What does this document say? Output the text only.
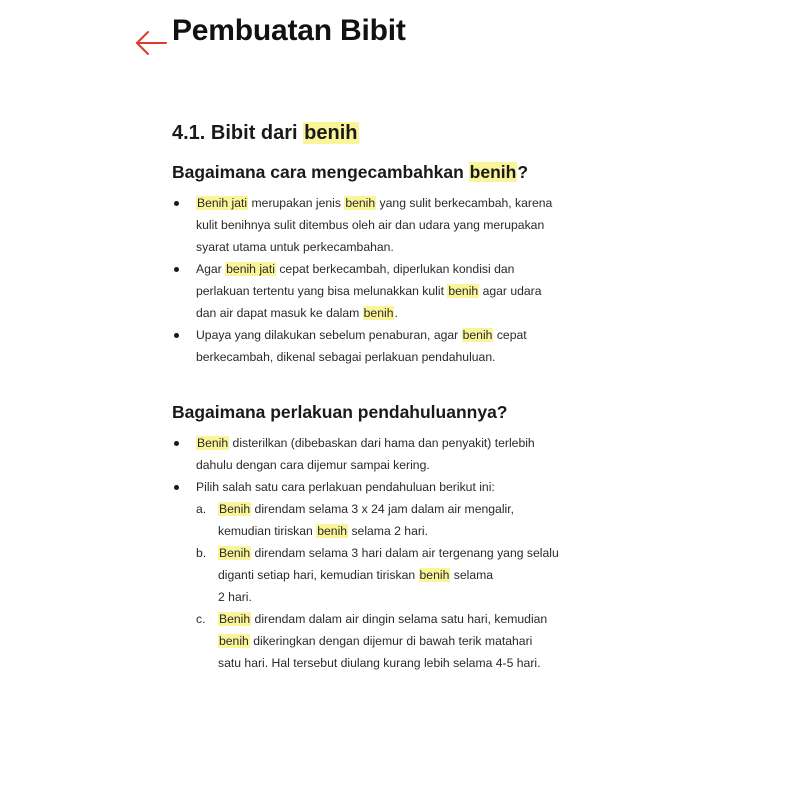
Pembuatan Bibit
4.1. Bibit dari benih
Bagaimana cara mengecambahkan benih?
Benih jati merupakan jenis benih yang sulit berkecambah, karena
kulit benihnya sulit ditembus oleh air dan udara yang merupakan
syarat utama untuk perkecambahan.
Agar benih jati cepat berkecambah, diperlukan kondisi dan
perlakuan tertentu yang bisa melunakkan kulit benih agar udara
dan air dapat masuk ke dalam benih.
Upaya yang dilakukan sebelum penaburan, agar benih cepat
berkecambah, dikenal sebagai perlakuan pendahuluan.
Bagaimana perlakuan pendahuluannya?
Benih disterilkan (dibebaskan dari hama dan penyakit) terlebih
dahulu dengan cara dijemur sampai kering.
Pilih salah satu cara perlakuan pendahuluan berikut ini:
a. Benih direndam selama 3 x 24 jam dalam air mengalir,
kemudian tiriskan benih selama 2 hari.
b. Benih direndam selama 3 hari dalam air tergenang yang selalu
diganti setiap hari, kemudian tiriskan benih selama
2 hari.
c. Benih direndam dalam air dingin selama satu hari, kemudian
benih dikeringkan dengan dijemur di bawah terik matahari
satu hari. Hal tersebut diulang kurang lebih selama 4-5 hari.
